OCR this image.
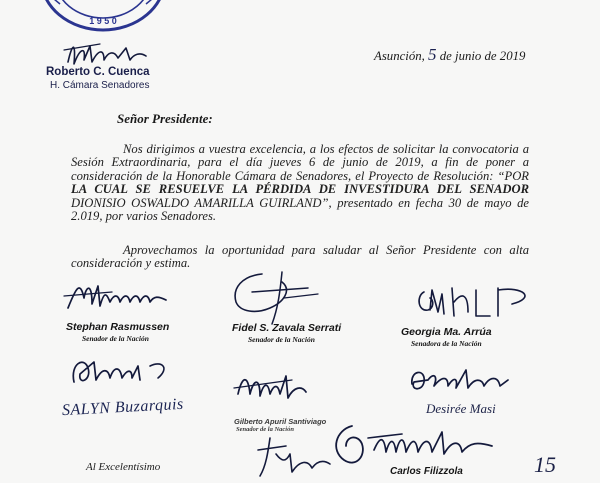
1 9 5 0
Roberto C. Cuenca
H. Cámara Senadores
Asunción, 5 de junio de 2019
Señor Presidente:
Nos dirigimos a vuestra excelencia, a los efectos de solicitar la convocatoria a
Sesión Extraordinaria, para el día jueves 6 de junio de 2019, a fin de poner a
consideración de la Honorable Cámara de Senadores, el Proyecto de Resolución: “POR
LA CUAL SE RESUELVE LA PÉRDIDA DE INVESTIDURA DEL SENADOR
DIONISIO OSWALDO AMARILLA GUIRLAND”, presentado en fecha 30 de mayo de
2.019, por varios Senadores.
Aprovechamos la oportunidad para saludar al Señor Presidente con alta
consideración y estima.
Stephan Rasmussen
Senador de la Nación
Fidel S. Zavala Serrati
Senador de la Nación
Georgia Ma. Arrúa
Senadora de la Nación
SALYN Buzarquis
Gilberto Apuril Santiviago
Senador de la Nación
Desirée Masi
Carlos Filizzola	15
Al Excelentísimo
